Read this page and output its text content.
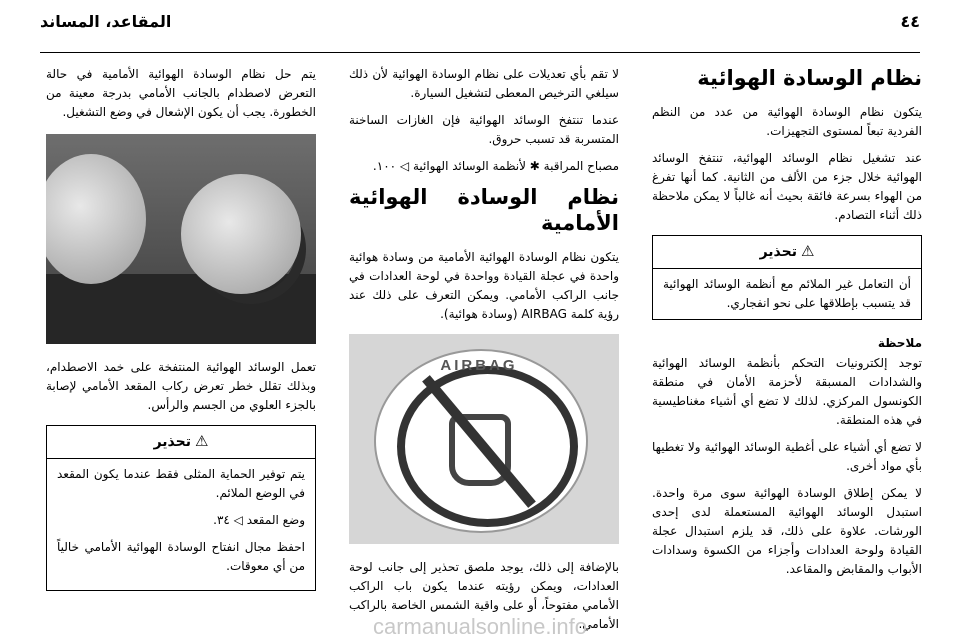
٤٤
المقاعد، المساند
نظام الوسادة الهوائية

يتكون نظام الوسادة الهوائية من عدد من النظم الفردية تبعاً لمستوى التجهيزات.

عند تشغيل نظام الوسائد الهوائية، تنتفخ الوسائد الهوائية خلال جزء من الألف من الثانية. كما أنها تفرغ من الهواء بسرعة فائقة بحيث أنه غالباً لا يمكن ملاحظة ذلك أثناء التصادم.

⚠تحذير
أن التعامل غير الملائم مع أنظمة الوسائد الهوائية قد يتسبب بإطلاقها على نحو انفجاري.
ملاحظة

توجد إلكترونيات التحكم بأنظمة الوسائد الهوائية والشدادات المسبقة لأحزمة الأمان في منطقة الكونسول المركزي. لذلك لا تضع أي أشياء مغناطيسية في هذه المنطقة.

لا تضع أي أشياء على أغطية الوسائد الهوائية ولا تغطيها بأي مواد أخرى.

لا يمكن إطلاق الوسادة الهوائية سوى مرة واحدة. استبدل الوسائد الهوائية المستعملة لدى إحدى الورشات. علاوة على ذلك، قد يلزم استبدال عجلة القيادة ولوحة العدادات وأجزاء من الكسوة وسدادات الأبواب والمقابض والمقاعد.

لا تقم بأي تعديلات على نظام الوسادة الهوائية لأن ذلك سيلغي الترخيص المعطى لتشغيل السيارة.

عندما تنتفخ الوسائد الهوائية فإن الغازات الساخنة المتسربة قد تسبب حروق.

مصباح المراقبة ✱ لأنظمة الوسائد الهوائية ◁ ١٠٠.

نظام الوسادة الهوائية الأمامية

يتكون نظام الوسادة الهوائية الأمامية من وسادة هوائية واحدة في عجلة القيادة وواحدة في لوحة العدادات في جانب الراكب الأمامي. ويمكن التعرف على ذلك عند رؤية كلمة AIRBAG (وسادة هوائية).

AIRBAG

بالإضافة إلى ذلك، يوجد ملصق تحذير إلى جانب لوحة العدادات، ويمكن رؤيته عندما يكون باب الراكب الأمامي مفتوحاً، أو على واقية الشمس الخاصة بالراكب الأمامي.

يتم حل نظام الوسادة الهوائية الأمامية في حالة التعرض لاصطدام بالجانب الأمامي بدرجة معينة من الخطورة. يجب أن يكون الإشعال في وضع التشغيل.

تعمل الوسائد الهوائية المنتفخة على خمد الاصطدام، وبذلك تقلل خطر تعرض ركاب المقعد الأمامي لإصابة بالجزء العلوي من الجسم والرأس.

⚠تحذير

يتم توفير الحماية المثلى فقط عندما يكون المقعد في الوضع الملائم.

وضع المقعد ◁ ٣٤.

احفظ مجال انفتاح الوسادة الهوائية الأمامي خالياً من أي معوقات.

carmanualsonline.info
